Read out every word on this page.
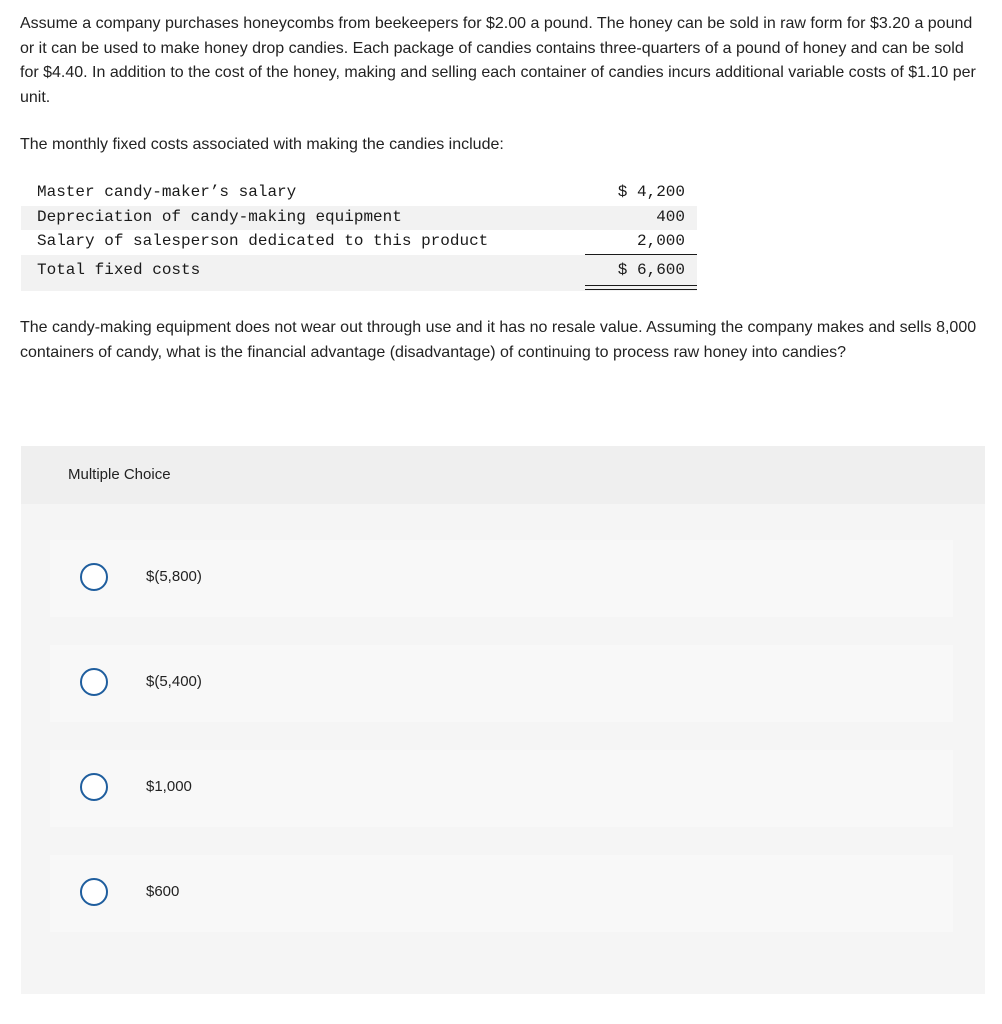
Assume a company purchases honeycombs from beekeepers for $2.00 a pound. The honey can be sold in raw form for $3.20 a pound or it can be used to make honey drop candies. Each package of candies contains three-quarters of a pound of honey and can be sold for $4.40. In addition to the cost of the honey, making and selling each container of candies incurs additional variable costs of $1.10 per unit.

The monthly fixed costs associated with making the candies include:

Master candy-maker’s salary	$ 4,200
Depreciation of candy-making equipment	400
Salary of salesperson dedicated to this product	2,000
Total fixed costs	$ 6,600

The candy-making equipment does not wear out through use and it has no resale value. Assuming the company makes and sells 8,000 containers of candy, what is the financial advantage (disadvantage) of continuing to process raw honey into candies?

Multiple Choice
$(5,800)
$(5,400)
$1,000
$600
